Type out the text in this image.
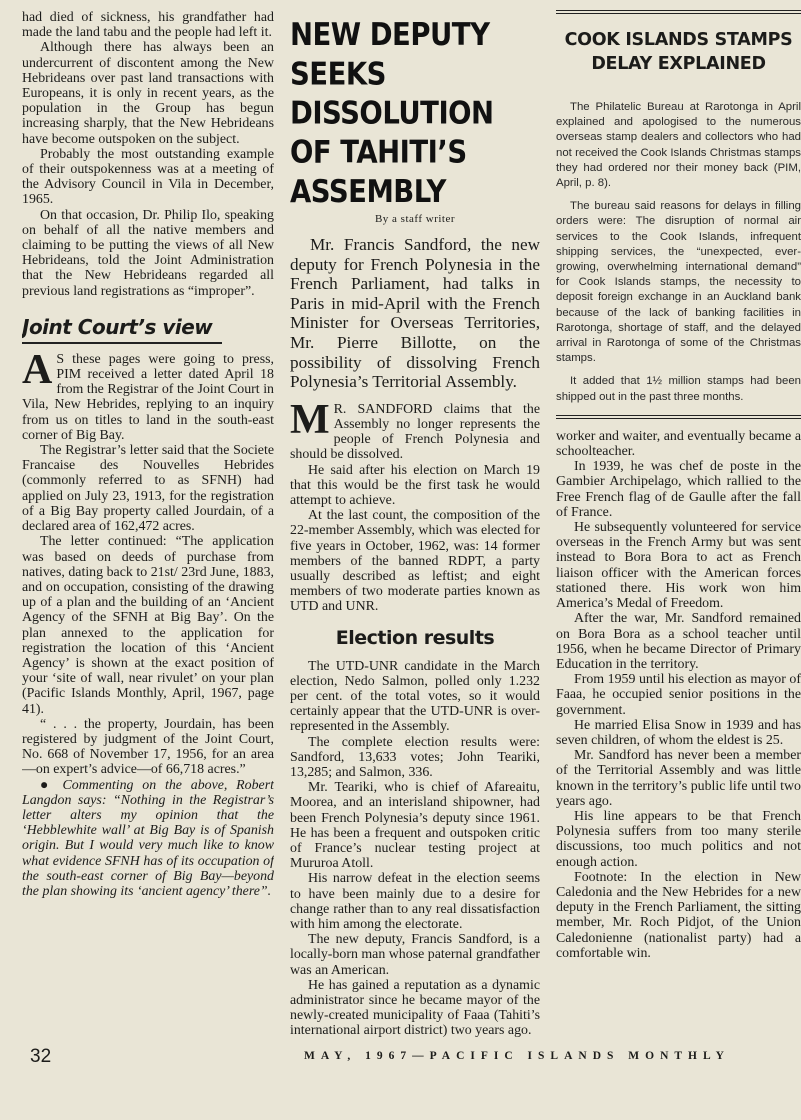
had died of sickness, his grandfather had made the land tabu and the people had left it.

Although there has always been an undercurrent of discontent among the New Hebrideans over past land transactions with Europeans, it is only in recent years, as the population in the Group has begun increasing sharply, that the New Hebrideans have become outspoken on the subject.

Probably the most outstanding example of their outspokenness was at a meeting of the Advisory Council in Vila in December, 1965.

On that occasion, Dr. Philip Ilo, speaking on behalf of all the native members and claiming to be putting the views of all New Hebrideans, told the Joint Administration that the New Hebrideans regarded all previous land registrations as “improper”.

Joint Court’s view

A S these pages were going to press, PIM received a letter dated April 18 from the Registrar of the Joint Court in Vila, New Hebrides, replying to an inquiry from us on titles to land in the south-east corner of Big Bay.

The Registrar’s letter said that the Societe Francaise des Nouvelles Hebrides (commonly referred to as SFNH) had applied on July 23, 1913, for the registration of a Big Bay property called Jourdain, of a declared area of 162,472 acres.

The letter continued: “The application was based on deeds of purchase from natives, dating back to 21st/ 23rd June, 1883, and on occupation, consisting of the drawing up of a plan and the building of an ‘Ancient Agency of the SFNH at Big Bay’. On the plan annexed to the application for registration the location of this ‘Ancient Agency’ is shown at the exact position of your ‘site of wall, near rivulet’ on your plan (Pacific Islands Monthly, April, 1967, page 41).

“ . . . the property, Jourdain, has been registered by judgment of the Joint Court, No. 668 of November 17, 1956, for an area—on expert’s advice—of 66,718 acres.”

● Commenting on the above, Robert Langdon says: “Nothing in the Registrar’s letter alters my opinion that the ‘Hebblewhite wall’ at Big Bay is of Spanish origin. But I would very much like to know what evidence SFNH has of its occupation of the south-east corner of Big Bay—beyond the plan showing its ‘ancient agency’ there”.

NEW DEPUTY SEEKS DISSOLUTION OF TAHITI’S ASSEMBLY
By a staff writer

Mr. Francis Sandford, the new deputy for French Polynesia in the French Parliament, had talks in Paris in mid-April with the French Minister for Overseas Territories, Mr. Pierre Billotte, on the possibility of dissolving French Polynesia’s Territorial Assembly.

M R. SANDFORD claims that the Assembly no longer represents the people of French Polynesia and should be dissolved.

He said after his election on March 19 that this would be the first task he would attempt to achieve.

At the last count, the composition of the 22-member Assembly, which was elected for five years in October, 1962, was: 14 former members of the banned RDPT, a party usually described as leftist; and eight members of two moderate parties known as UTD and UNR.

Election results

The UTD-UNR candidate in the March election, Nedo Salmon, polled only 1.232 per cent. of the total votes, so it would certainly appear that the UTD-UNR is over-represented in the Assembly.

The complete election results were: Sandford, 13,633 votes; John Teariki, 13,285; and Salmon, 336.

Mr. Teariki, who is chief of Afareaitu, Moorea, and an interisland shipowner, had been French Polynesia’s deputy since 1961. He has been a frequent and outspoken critic of France’s nuclear testing project at Mururoa Atoll.

His narrow defeat in the election seems to have been mainly due to a desire for change rather than to any real dissatisfaction with him among the electorate.

The new deputy, Francis Sandford, is a locally-born man whose paternal grandfather was an American.

He has gained a reputation as a dynamic administrator since he became mayor of the newly-created municipality of Faaa (Tahiti’s international airport district) two years ago.

COOK ISLANDS STAMPS DELAY EXPLAINED

The Philatelic Bureau at Rarotonga in April explained and apologised to the numerous overseas stamp dealers and collectors who had not received the Cook Islands Christmas stamps they had ordered nor their money back (PIM, April, p. 8).

The bureau said reasons for delays in filling orders were: The disruption of normal air services to the Cook Islands, infrequent shipping services, the “unexpected, ever-growing, overwhelming international demand” for Cook Islands stamps, the necessity to deposit foreign exchange in an Auckland bank because of the lack of banking facilities in Rarotonga, shortage of staff, and the delayed arrival in Rarotonga of some of the Christmas stamps.

It added that 1½ million stamps had been shipped out in the past three months.

worker and waiter, and eventually became a schoolteacher.

In 1939, he was chef de poste in the Gambier Archipelago, which rallied to the Free French flag of de Gaulle after the fall of France.

He subsequently volunteered for service overseas in the French Army but was sent instead to Bora Bora to act as French liaison officer with the American forces stationed there. His work won him America’s Medal of Freedom.

After the war, Mr. Sandford remained on Bora Bora as a school teacher until 1956, when he became Director of Primary Education in the territory.

From 1959 until his election as mayor of Faaa, he occupied senior positions in the government.

He married Elisa Snow in 1939 and has seven children, of whom the eldest is 25.

Mr. Sandford has never been a member of the Territorial Assembly and was little known in the territory’s public life until two years ago.

His line appears to be that French Polynesia suffers from too many sterile discussions, too much politics and not enough action.

Footnote: In the election in New Caledonia and the New Hebrides for a new deputy in the French Parliament, the sitting member, Mr. Roch Pidjot, of the Union Caledonienne (nationalist party) had a comfortable win.

32	MAY, 1967—PACIFIC ISLANDS MONTHLY
